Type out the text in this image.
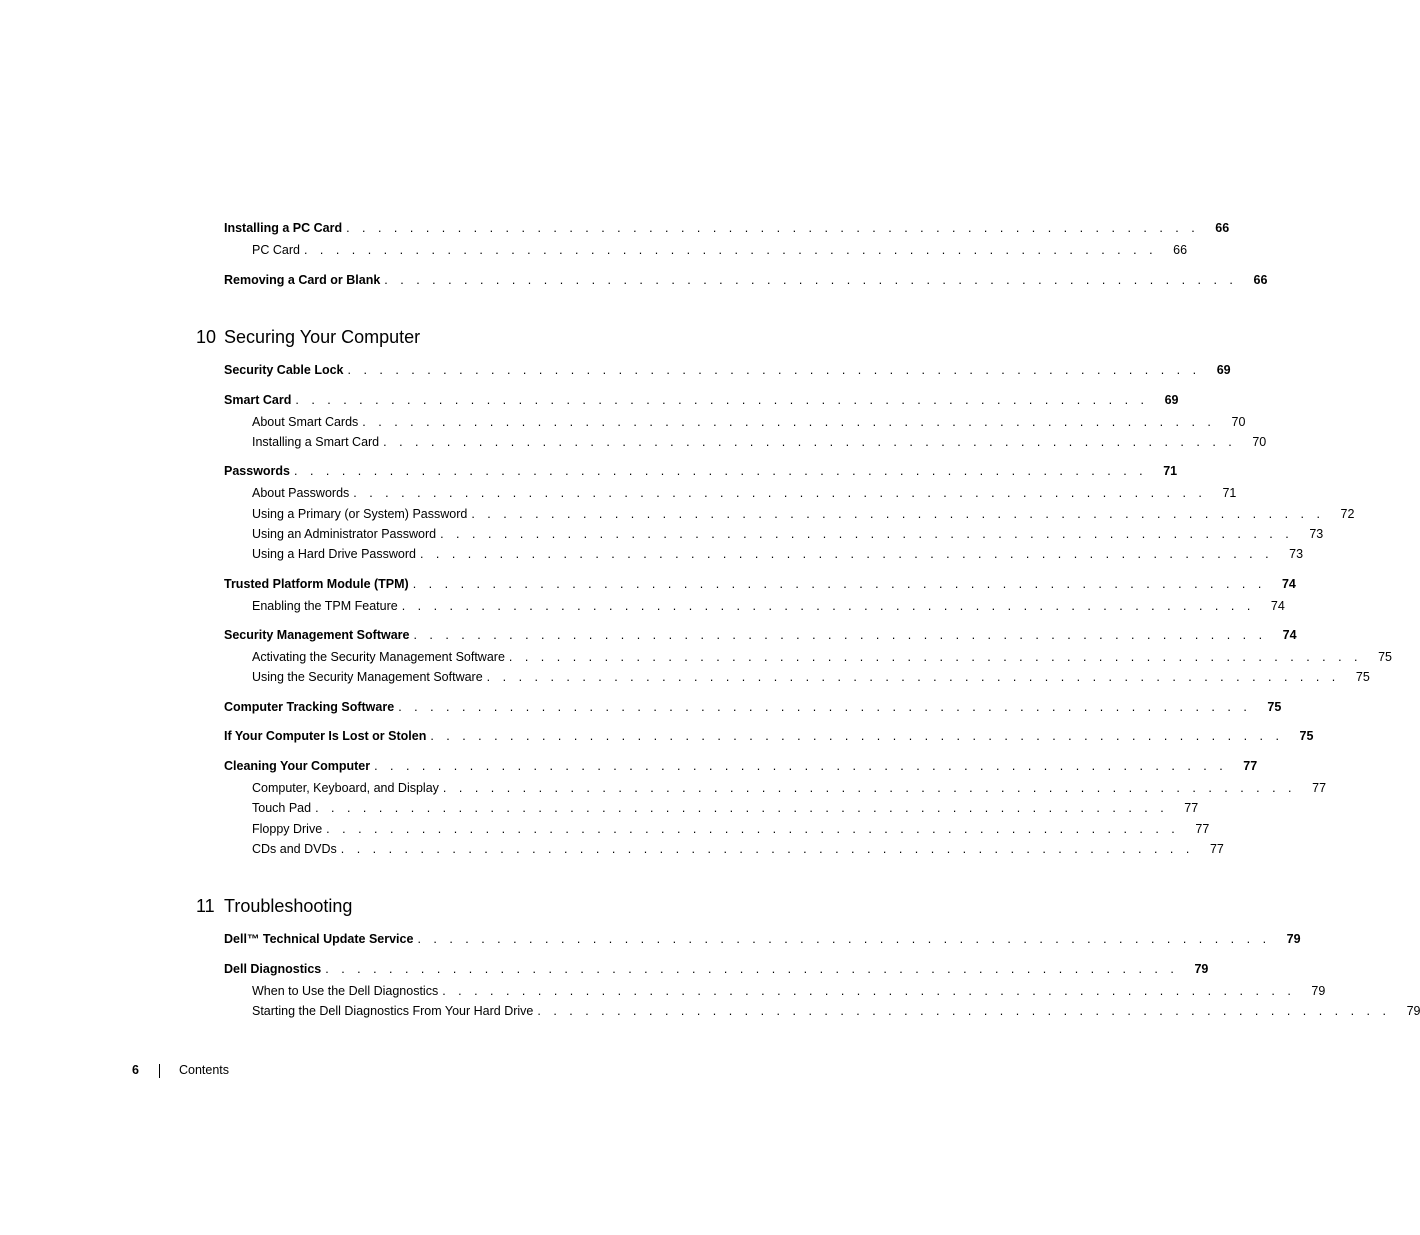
Installing a PC Card . . . . . . . . . . . . . . . . . . . . . . . . . . . . . . . . . . . . . . . . . . . . . . . . . . . . . .	66
PC Card . . . . . . . . . . . . . . . . . . . . . . . . . . . . . . . . . . . . . . . . . . . . . . . . . . . . . .	66
Removing a Card or Blank . . . . . . . . . . . . . . . . . . . . . . . . . . . . . . . . . . . . . . . . . . . . . . . . . . . . . .	66
10 Securing Your Computer
Security Cable Lock . . . . . . . . . . . . . . . . . . . . . . . . . . . . . . . . . . . . . . . . . . . . . . . . . . . . . .	69
Smart Card . . . . . . . . . . . . . . . . . . . . . . . . . . . . . . . . . . . . . . . . . . . . . . . . . . . . . .	69
About Smart Cards . . . . . . . . . . . . . . . . . . . . . . . . . . . . . . . . . . . . . . . . . . . . . . . . . . . . . .	70
Installing a Smart Card . . . . . . . . . . . . . . . . . . . . . . . . . . . . . . . . . . . . . . . . . . . . . . . . . . . . . .	70
Passwords . . . . . . . . . . . . . . . . . . . . . . . . . . . . . . . . . . . . . . . . . . . . . . . . . . . . . .	71
About Passwords . . . . . . . . . . . . . . . . . . . . . . . . . . . . . . . . . . . . . . . . . . . . . . . . . . . . . .	71
Using a Primary (or System) Password . . . . . . . . . . . . . . . . . . . . . . . . . . . . . . . . . . . . . . . . . . . . . . . . . . . . . .	72
Using an Administrator Password . . . . . . . . . . . . . . . . . . . . . . . . . . . . . . . . . . . . . . . . . . . . . . . . . . . . . .	73
Using a Hard Drive Password . . . . . . . . . . . . . . . . . . . . . . . . . . . . . . . . . . . . . . . . . . . . . . . . . . . . . .	73
Trusted Platform Module (TPM) . . . . . . . . . . . . . . . . . . . . . . . . . . . . . . . . . . . . . . . . . . . . . . . . . . . . . .	74
Enabling the TPM Feature . . . . . . . . . . . . . . . . . . . . . . . . . . . . . . . . . . . . . . . . . . . . . . . . . . . . . .	74
Security Management Software . . . . . . . . . . . . . . . . . . . . . . . . . . . . . . . . . . . . . . . . . . . . . . . . . . . . . .	74
Activating the Security Management Software . . . . . . . . . . . . . . . . . . . . . . . . . . . . . . . . . . . . . . . . . . . . . . . . . . . . . .	75
Using the Security Management Software . . . . . . . . . . . . . . . . . . . . . . . . . . . . . . . . . . . . . . . . . . . . . . . . . . . . . .	75
Computer Tracking Software . . . . . . . . . . . . . . . . . . . . . . . . . . . . . . . . . . . . . . . . . . . . . . . . . . . . . .	75
If Your Computer Is Lost or Stolen . . . . . . . . . . . . . . . . . . . . . . . . . . . . . . . . . . . . . . . . . . . . . . . . . . . . . .	75
Cleaning Your Computer . . . . . . . . . . . . . . . . . . . . . . . . . . . . . . . . . . . . . . . . . . . . . . . . . . . . . .	77
Computer, Keyboard, and Display . . . . . . . . . . . . . . . . . . . . . . . . . . . . . . . . . . . . . . . . . . . . . . . . . . . . . .	77
Touch Pad . . . . . . . . . . . . . . . . . . . . . . . . . . . . . . . . . . . . . . . . . . . . . . . . . . . . . .	77
Floppy Drive . . . . . . . . . . . . . . . . . . . . . . . . . . . . . . . . . . . . . . . . . . . . . . . . . . . . . .	77
CDs and DVDs . . . . . . . . . . . . . . . . . . . . . . . . . . . . . . . . . . . . . . . . . . . . . . . . . . . . . .	77
11 Troubleshooting
Dell™ Technical Update Service . . . . . . . . . . . . . . . . . . . . . . . . . . . . . . . . . . . . . . . . . . . . . . . . . . . . . .	79
Dell Diagnostics . . . . . . . . . . . . . . . . . . . . . . . . . . . . . . . . . . . . . . . . . . . . . . . . . . . . . .	79
When to Use the Dell Diagnostics . . . . . . . . . . . . . . . . . . . . . . . . . . . . . . . . . . . . . . . . . . . . . . . . . . . . . .	79
Starting the Dell Diagnostics From Your Hard Drive . . . . . . . . . . . . . . . . . . . . . . . . . . . . . . . . . . . . . . . . . . . . . . . . . . . . . .	79
6	Contents
